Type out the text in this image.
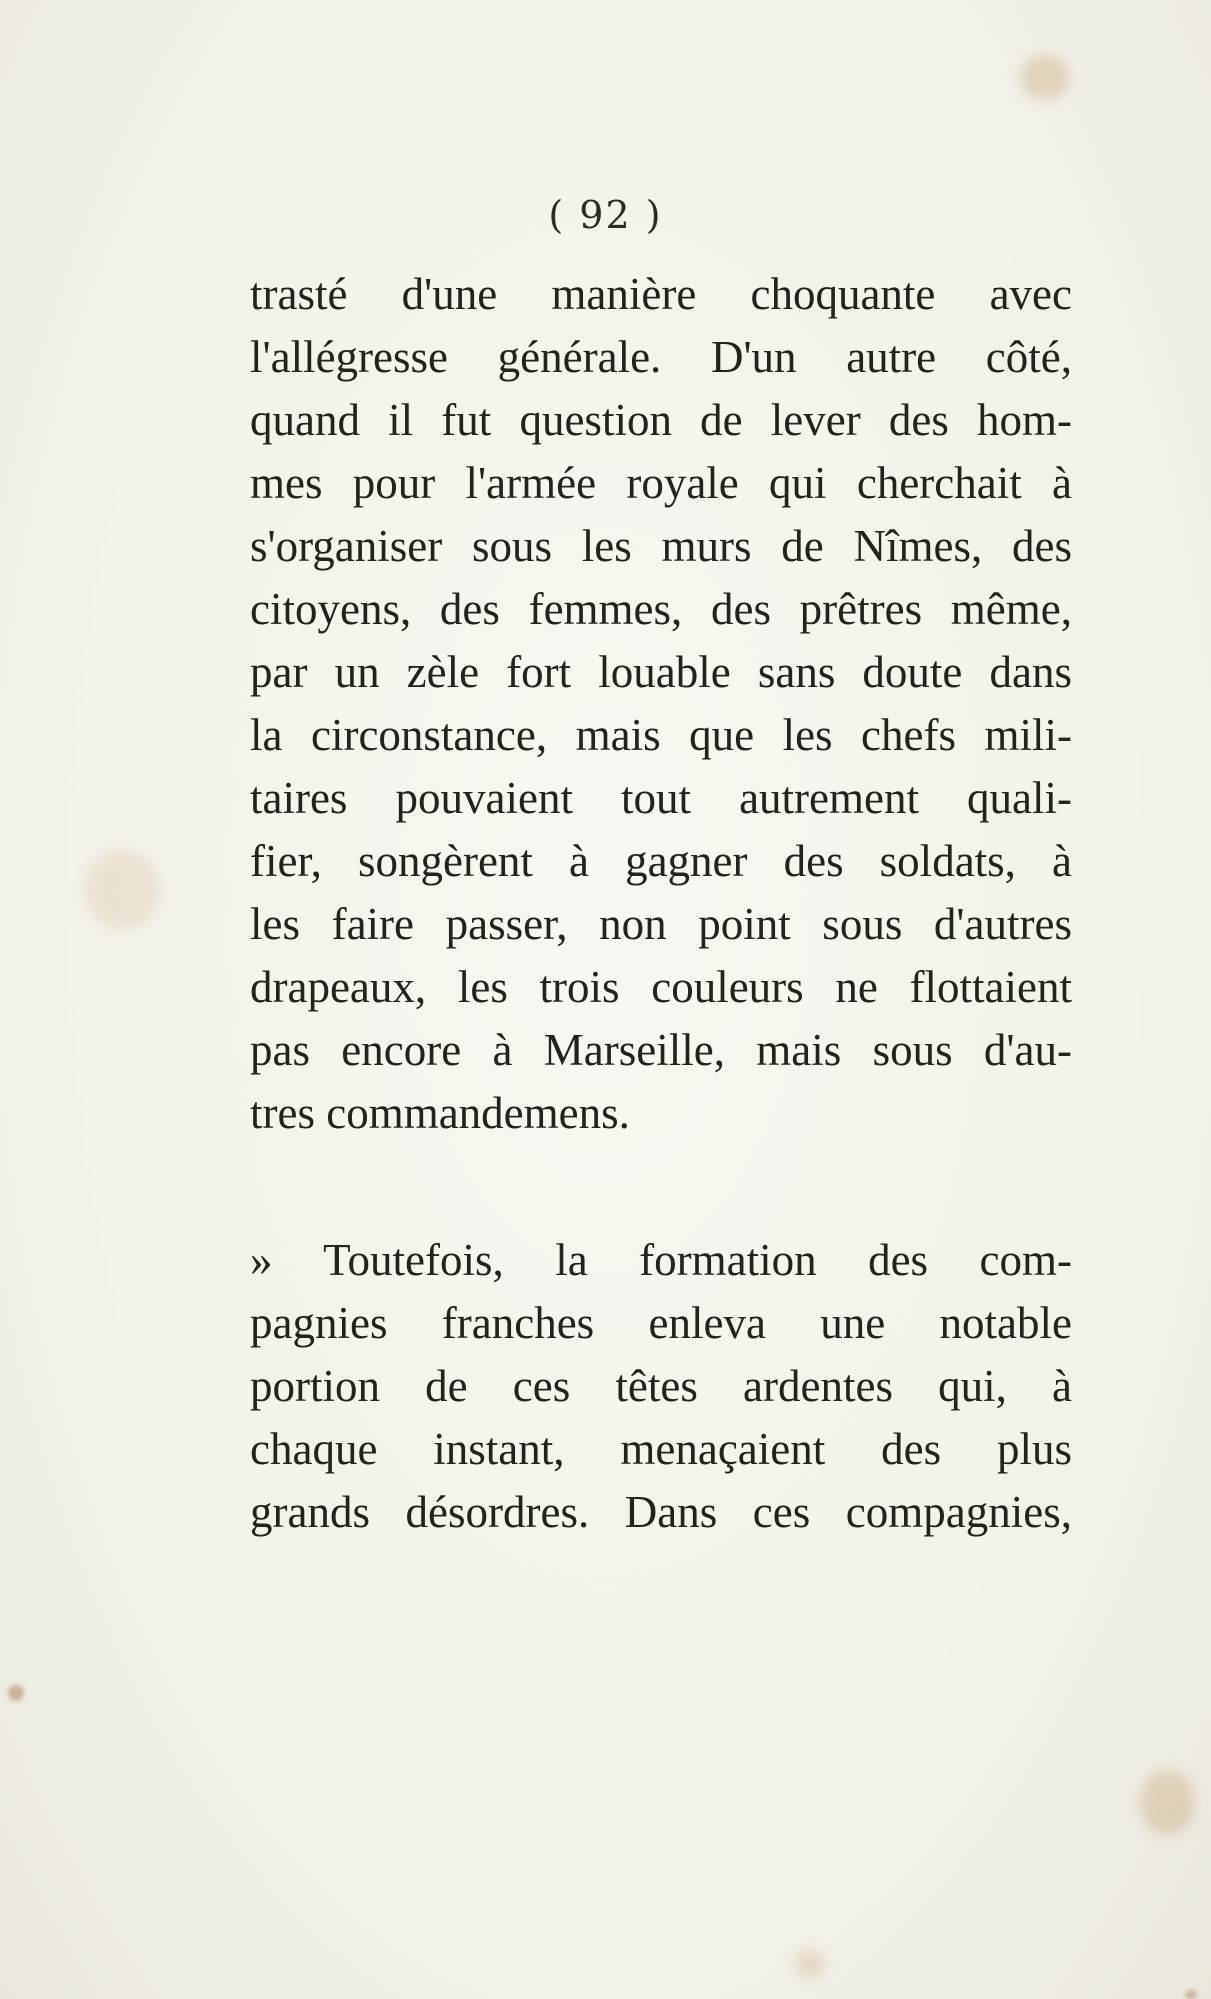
( 92 )
trasté d'une manière choquante avec
l'allégresse générale. D'un autre côté,
quand il fut question de lever des hom-
mes pour l'armée royale qui cherchait à
s'organiser sous les murs de Nîmes, des
citoyens, des femmes, des prêtres même,
par un zèle fort louable sans doute dans
la circonstance, mais que les chefs mili-
taires pouvaient tout autrement quali-
fier, songèrent à gagner des soldats, à
les faire passer, non point sous d'autres
drapeaux, les trois couleurs ne flottaient
pas encore à Marseille, mais sous d'au-
tres commandemens.
» Toutefois, la formation des com-
pagnies franches enleva une notable
portion de ces têtes ardentes qui, à
chaque instant, menaçaient des plus
grands désordres. Dans ces compagnies,
